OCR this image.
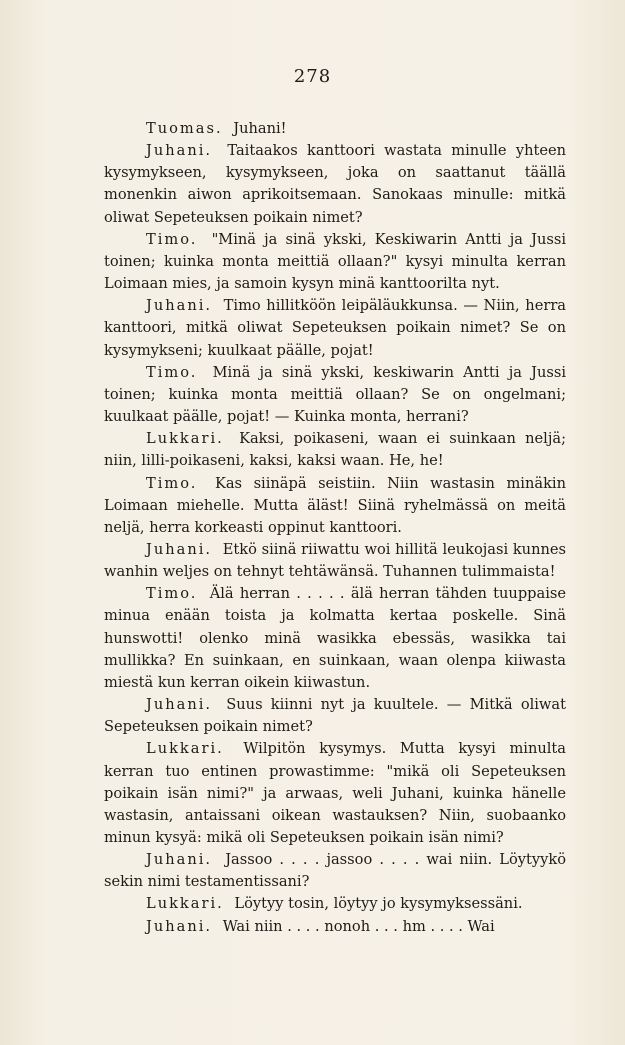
278

Tuomas. Juhani!

Juhani. Taitaakos kanttoori wastata minulle yhteen kysymykseen, kysymykseen, joka on saattanut täällä monenkin aiwon aprikoitsemaan. Sanokaas minulle: mitkä oliwat Sepeteuksen poikain nimet?

Timo. "Minä ja sinä ykski, Keskiwarin Antti ja Jussi toinen; kuinka monta meittiä ollaan?" kysyi minulta kerran Loimaan mies, ja samoin kysyn minä kanttoorilta nyt.

Juhani. Timo hillitköön leipäläukkunsa. — Niin, herra kanttoori, mitkä oliwat Sepeteuksen poikain nimet? Se on kysymykseni; kuulkaat päälle, pojat!

Timo. Minä ja sinä ykski, keskiwarin Antti ja Jussi toinen; kuinka monta meittiä ollaan? Se on ongelmani; kuulkaat päälle, pojat! — Kuinka monta, herrani?

Lukkari. Kaksi, poikaseni, waan ei suinkaan neljä; niin, lilli-poikaseni, kaksi, kaksi waan. He, he!

Timo. Kas siinäpä seistiin. Niin wastasin minäkin Loimaan miehelle. Mutta äläst! Siinä ryhelmässä on meitä neljä, herra korkeasti oppinut kanttoori.

Juhani. Etkö siinä riiwattu woi hillitä leukojasi kunnes wanhin weljes on tehnyt tehtäwänsä. Tuhannen tulimmaista!

Timo. Älä herran . . . . . älä herran tähden tuuppaise minua enään toista ja kolmatta kertaa poskelle. Sinä hunswotti! olenko minä wasikka ebessäs, wasikka tai mullikka? En suinkaan, en suinkaan, waan olenpa kiiwasta miestä kun kerran oikein kiiwastun.

Juhani. Suus kiinni nyt ja kuultele. — Mitkä oliwat Sepeteuksen poikain nimet?

Lukkari. Wilpitön kysymys. Mutta kysyi minulta kerran tuo entinen prowastimme: "mikä oli Sepeteuksen poikain isän nimi?" ja arwaas, weli Juhani, kuinka hänelle wastasin, antaissani oikean wastauksen? Niin, suobaanko minun kysyä: mikä oli Sepeteuksen poikain isän nimi?

Juhani. Jassoo . . . . jassoo . . . . wai niin. Löytyykö sekin nimi testamentissani?

Lukkari. Löytyy tosin, löytyy jo kysymyksessäni.

Juhani. Wai niin . . . . nonoh . . . hm . . . . Wai
